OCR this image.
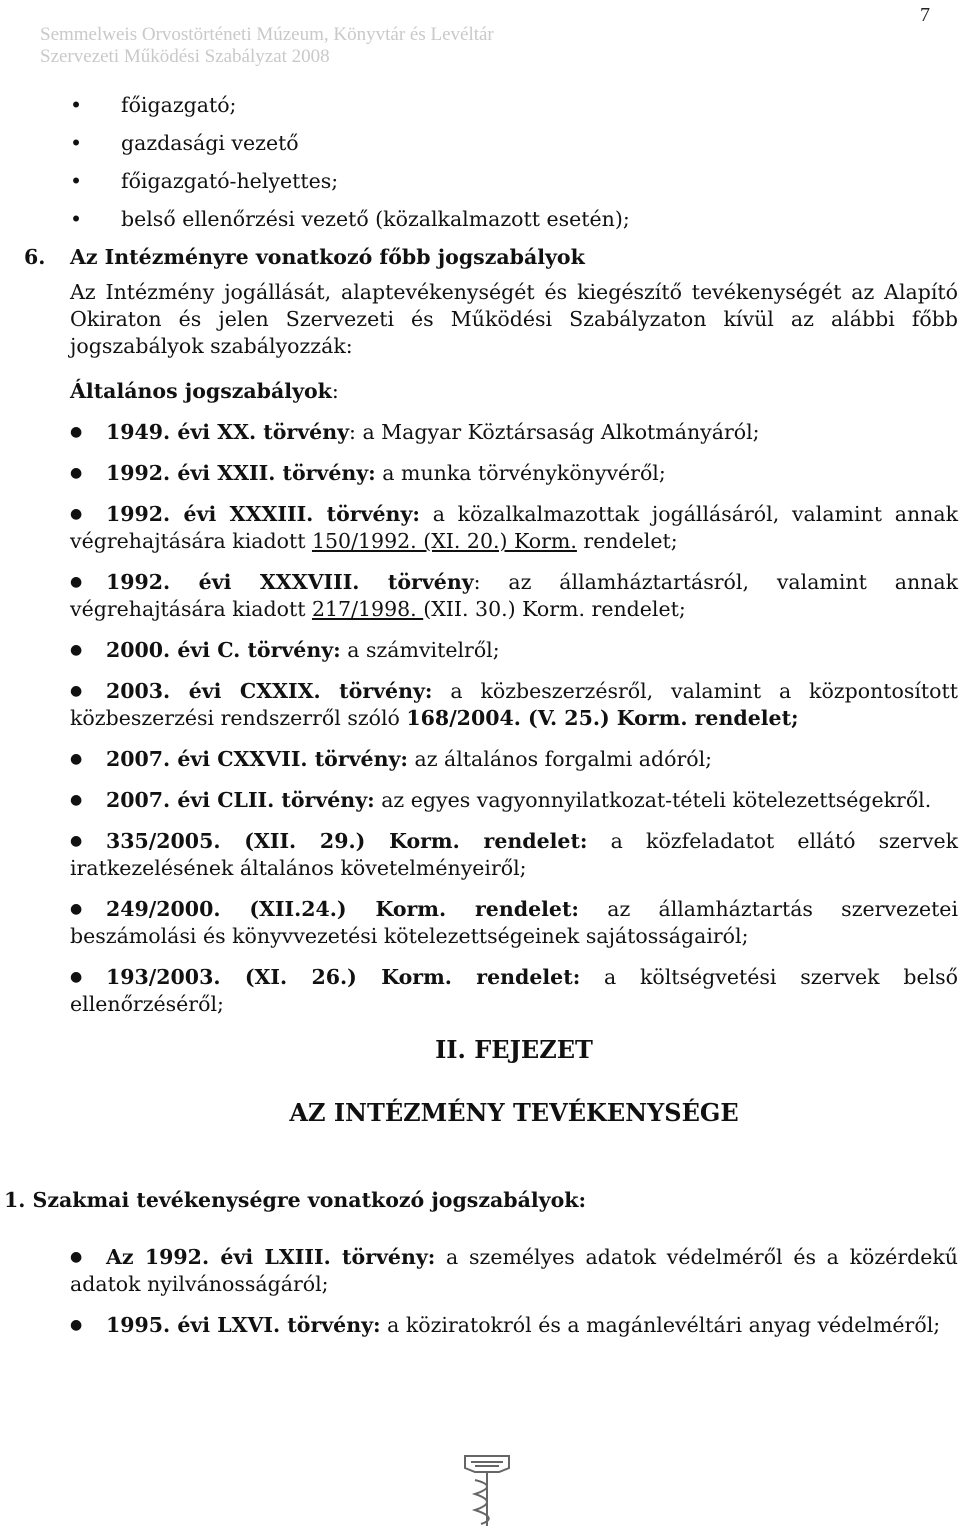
Semmelweis Orvostörténeti Múzeum, Könyvtár és Levéltár
Szervezeti Működési Szabályzat 2008
7
• főigazgató;
• gazdasági vezető
• főigazgató-helyettes;
• belső ellenőrzési vezető (közalkalmazott esetén);
6. Az Intézményre vonatkozó főbb jogszabályok
Az Intézmény jogállását, alaptevékenységét és kiegészítő tevékenységét az Alapító Okiraton és jelen Szervezeti és Működési Szabályzaton kívül az alábbi főbb jogszabályok szabályozzák:
Általános jogszabályok:
● 1949. évi XX. törvény: a Magyar Köztársaság Alkotmányáról;
● 1992. évi XXII. törvény: a munka törvénykönyvéről;
● 1992. évi XXXIII. törvény: a közalkalmazottak jogállásáról, valamint annak végrehajtására kiadott 150/1992. (XI. 20.) Korm. rendelet;
● 1992. évi XXXVIII. törvény: az államháztartásról, valamint annak végrehajtására kiadott 217/1998. (XII. 30.) Korm. rendelet;
● 2000. évi C. törvény: a számvitelről;
● 2003. évi CXXIX. törvény: a közbeszerzésről, valamint a központosított közbeszerzési rendszerről szóló 168/2004. (V. 25.) Korm. rendelet;
● 2007. évi CXXVII. törvény: az általános forgalmi adóról;
● 2007. évi CLII. törvény: az egyes vagyonnyilatkozat-tételi kötelezettségekről.
● 335/2005. (XII. 29.) Korm. rendelet: a közfeladatot ellátó szervek iratkezelésének általános követelményeiről;
● 249/2000. (XII.24.) Korm. rendelet: az államháztartás szervezetei beszámolási és könyvvezetési kötelezettségeinek sajátosságairól;
● 193/2003. (XI. 26.) Korm. rendelet: a költségvetési szervek belső ellenőrzéséről;
II. FEJEZET
AZ INTÉZMÉNY TEVÉKENYSÉGE
1. Szakmai tevékenységre vonatkozó jogszabályok:
● Az 1992. évi LXIII. törvény: a személyes adatok védelméről és a közérdekű adatok nyilvánosságáról;
● 1995. évi LXVI. törvény: a köziratokról és a magánlevéltári anyag védelméről;
